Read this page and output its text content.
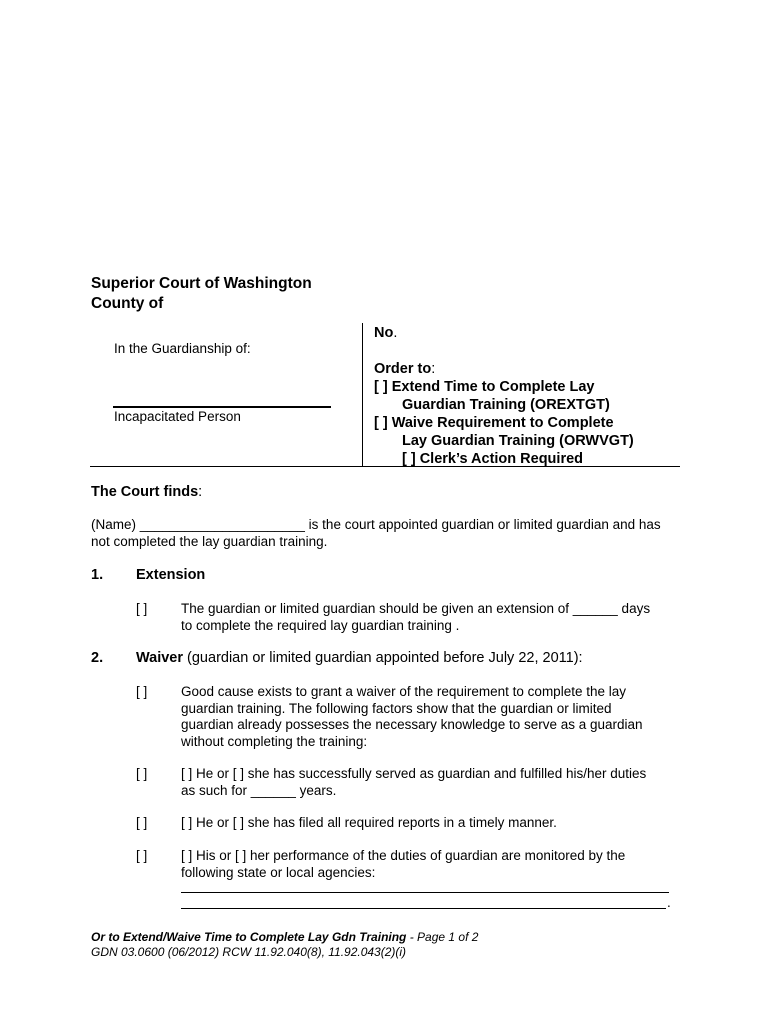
Superior Court of Washington
County of
In the Guardianship of:
Incapacitated Person
No.
Order to:
[ ] Extend Time to Complete Lay
Guardian Training (OREXTGT)
[ ] Waive Requirement to Complete
Lay Guardian Training (ORWVGT)
[ ] Clerk’s Action Required
The Court finds:
(Name) ______________________ is the court appointed guardian or limited guardian and has
not completed the lay guardian training.
1. Extension
[ ] The guardian or limited guardian should be given an extension of ______ days
to complete the required lay guardian training .
2. Waiver (guardian or limited guardian appointed before July 22, 2011):
[ ] Good cause exists to grant a waiver of the requirement to complete the lay
guardian training. The following factors show that the guardian or limited
guardian already possesses the necessary knowledge to serve as a guardian
without completing the training:
[ ] [ ] He or [ ] she has successfully served as guardian and fulfilled his/her duties
as such for ______ years.
[ ] [ ] He or [ ] she has filed all required reports in a timely manner.
[ ] [ ] His or [ ] her performance of the duties of guardian are monitored by the
following state or local agencies:
.
Or to Extend/Waive Time to Complete Lay Gdn Training - Page 1 of 2
GDN 03.0600 (06/2012) RCW 11.92.040(8), 11.92.043(2)(i)
